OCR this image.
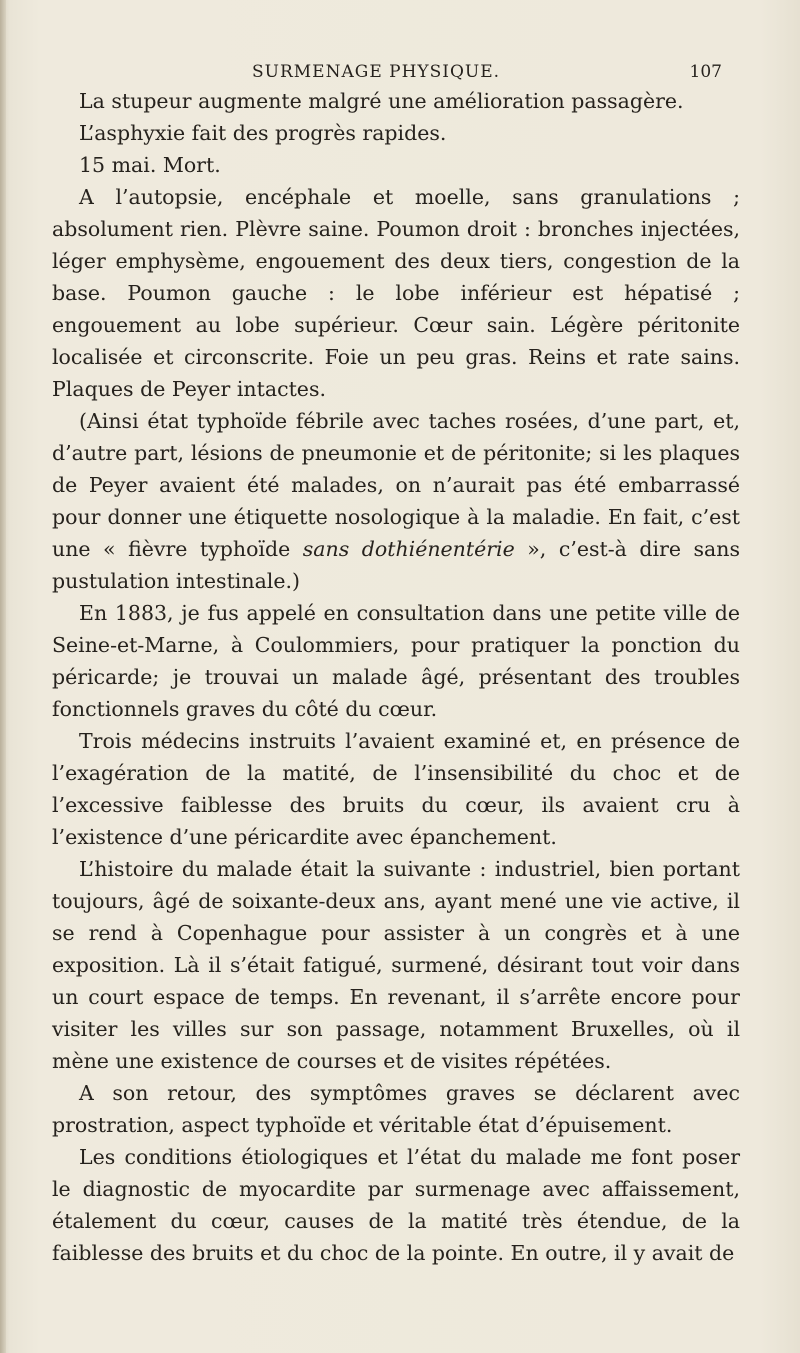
SURMENAGE PHYSIQUE.	107

La stupeur augmente malgré une amélioration passagère.

L’asphyxie fait des progrès rapides.

15 mai. Mort.

A l’autopsie, encéphale et moelle, sans granulations ; absolument rien. Plèvre saine. Poumon droit : bronches injectées, léger emphysème, engouement des deux tiers, congestion de la base. Poumon gauche : le lobe inférieur est hépatisé ; engouement au lobe supérieur. Cœur sain. Légère péritonite localisée et circonscrite. Foie un peu gras. Reins et rate sains. Plaques de Peyer intactes.

(Ainsi état typhoïde fébrile avec taches rosées, d’une part, et, d’autre part, lésions de pneumonie et de péritonite; si les plaques de Peyer avaient été malades, on n’aurait pas été embarrassé pour donner une étiquette nosologique à la maladie. En fait, c’est une « fièvre typhoïde sans dothiénentérie », c’est-à dire sans pustulation intestinale.)

En 1883, je fus appelé en consultation dans une petite ville de Seine-et-Marne, à Coulommiers, pour pratiquer la ponction du péricarde; je trouvai un malade âgé, présentant des troubles fonctionnels graves du côté du cœur.

Trois médecins instruits l’avaient examiné et, en présence de l’exagération de la matité, de l’insensibilité du choc et de l’excessive faiblesse des bruits du cœur, ils avaient cru à l’existence d’une péricardite avec épanchement.

L’histoire du malade était la suivante : industriel, bien portant toujours, âgé de soixante-deux ans, ayant mené une vie active, il se rend à Copenhague pour assister à un congrès et à une exposition. Là il s’était fatigué, surmené, désirant tout voir dans un court espace de temps. En revenant, il s’arrête encore pour visiter les villes sur son passage, notamment Bruxelles, où il mène une existence de courses et de visites répétées.

A son retour, des symptômes graves se déclarent avec prostration, aspect typhoïde et véritable état d’épuisement.

Les conditions étiologiques et l’état du malade me font poser le diagnostic de myocardite par surmenage avec affaissement, étalement du cœur, causes de la matité très étendue, de la faiblesse des bruits et du choc de la pointe. En outre, il y avait de
